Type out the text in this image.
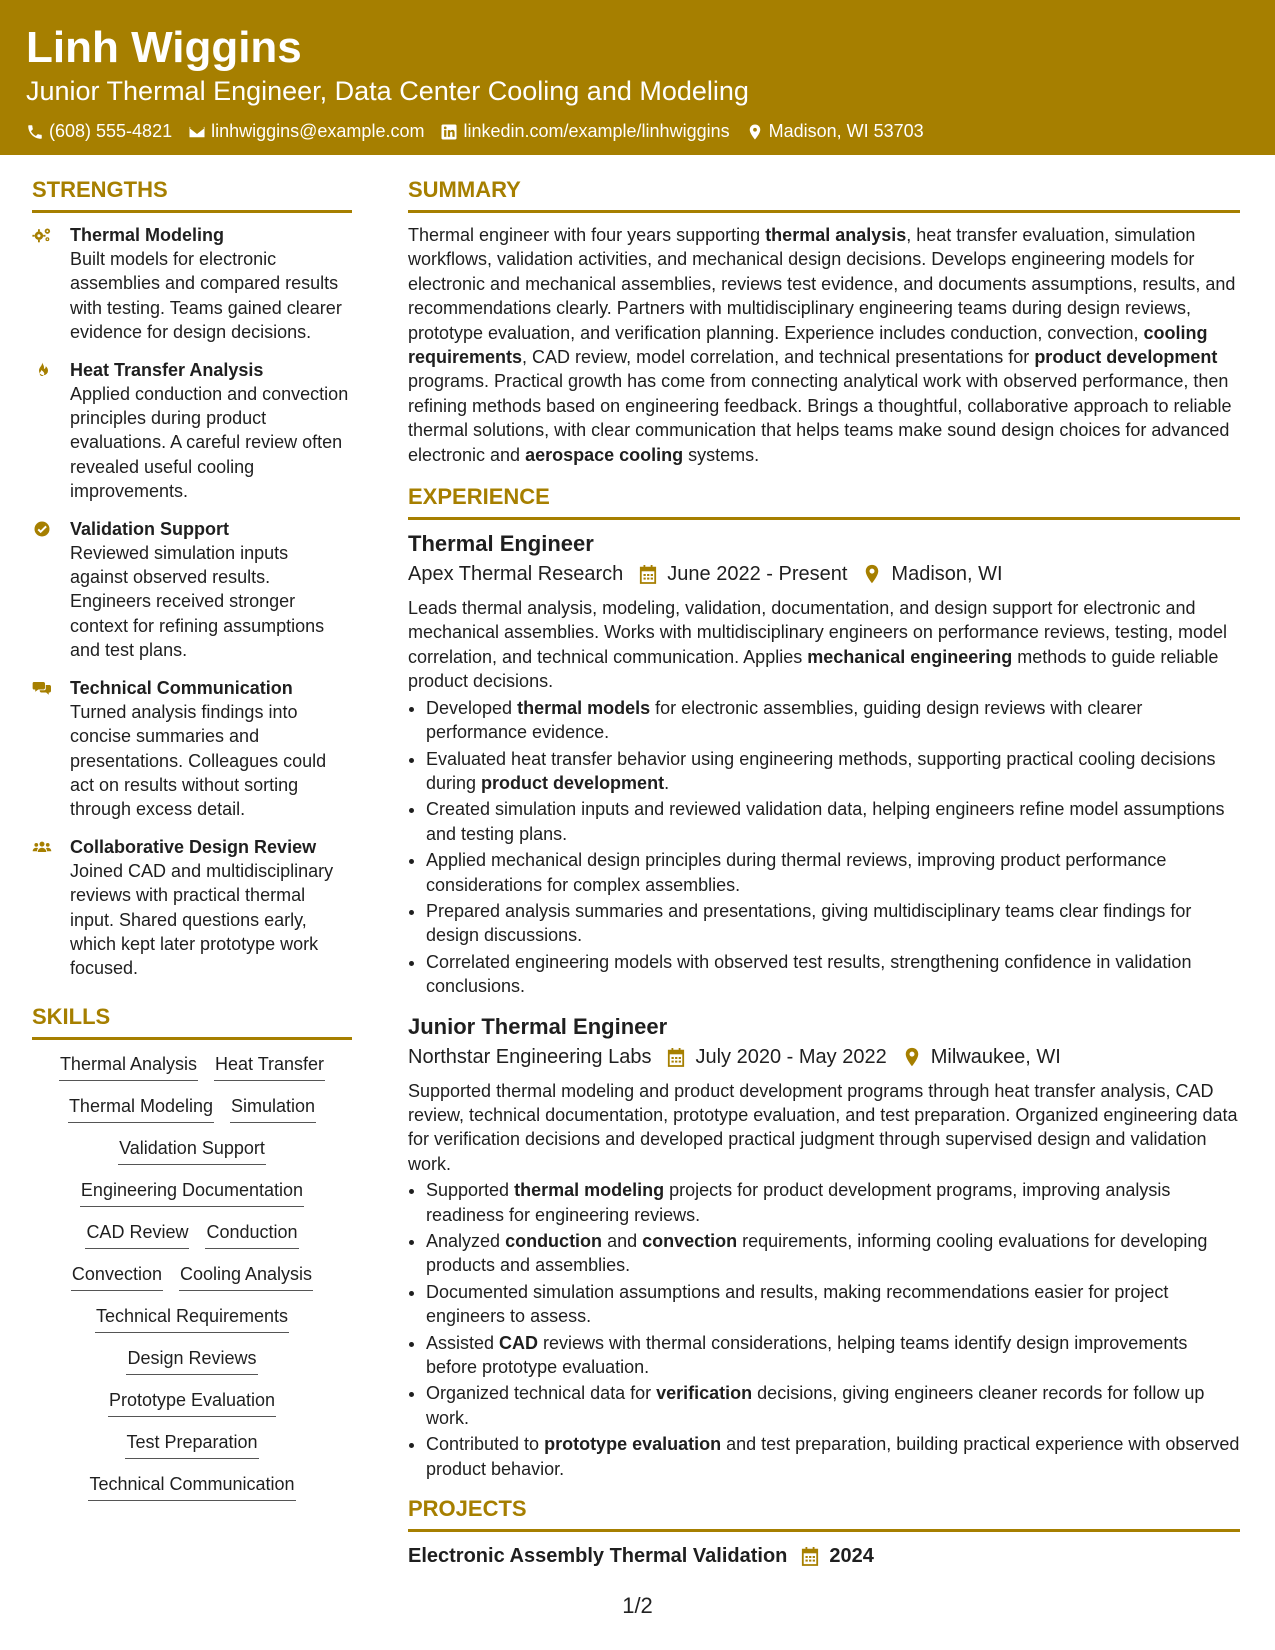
Linh Wiggins
Junior Thermal Engineer, Data Center Cooling and Modeling
(608) 555-4821 linhwiggins@example.com linkedin.com/example/linhwiggins Madison, WI 53703
STRENGTHS
Thermal Modeling
Built models for electronic assemblies and compared results with testing. Teams gained clearer evidence for design decisions.
Heat Transfer Analysis
Applied conduction and convection principles during product evaluations. A careful review often revealed useful cooling improvements.
Validation Support
Reviewed simulation inputs against observed results. Engineers received stronger context for refining assumptions and test plans.
Technical Communication
Turned analysis findings into concise summaries and presentations. Colleagues could act on results without sorting through excess detail.
Collaborative Design Review
Joined CAD and multidisciplinary reviews with practical thermal input. Shared questions early, which kept later prototype work focused.
SKILLS
Thermal Analysis Heat Transfer
Thermal Modeling Simulation
Validation Support
Engineering Documentation
CAD Review Conduction
Convection Cooling Analysis
Technical Requirements
Design Reviews
Prototype Evaluation
Test Preparation
Technical Communication
SUMMARY

Thermal engineer with four years supporting thermal analysis, heat transfer evaluation, simulation workflows, validation activities, and mechanical design decisions. Develops engineering models for electronic and mechanical assemblies, reviews test evidence, and documents assumptions, results, and recommendations clearly. Partners with multidisciplinary engineering teams during design reviews, prototype evaluation, and verification planning. Experience includes conduction, convection, cooling requirements, CAD review, model correlation, and technical presentations for product development programs. Practical growth has come from connecting analytical work with observed performance, then refining methods based on engineering feedback. Brings a thoughtful, collaborative approach to reliable thermal solutions, with clear communication that helps teams make sound design choices for advanced electronic and aerospace cooling systems.

EXPERIENCE
Thermal Engineer
Apex Thermal Research June 2022 - Present Madison, WI

Leads thermal analysis, modeling, validation, documentation, and design support for electronic and mechanical assemblies. Works with multidisciplinary engineers on performance reviews, testing, model correlation, and technical communication. Applies mechanical engineering methods to guide reliable product decisions.

• Developed thermal models for electronic assemblies, guiding design reviews with clearer performance evidence.
• Evaluated heat transfer behavior using engineering methods, supporting practical cooling decisions during product development.
• Created simulation inputs and reviewed validation data, helping engineers refine model assumptions and testing plans.
• Applied mechanical design principles during thermal reviews, improving product performance considerations for complex assemblies.
• Prepared analysis summaries and presentations, giving multidisciplinary teams clear findings for design discussions.
• Correlated engineering models with observed test results, strengthening confidence in validation conclusions.
Junior Thermal Engineer
Northstar Engineering Labs July 2020 - May 2022 Milwaukee, WI

Supported thermal modeling and product development programs through heat transfer analysis, CAD review, technical documentation, prototype evaluation, and test preparation. Organized engineering data for verification decisions and developed practical judgment through supervised design and validation work.

• Supported thermal modeling projects for product development programs, improving analysis readiness for engineering reviews.
• Analyzed conduction and convection requirements, informing cooling evaluations for developing products and assemblies.
• Documented simulation assumptions and results, making recommendations easier for project engineers to assess.
• Assisted CAD reviews with thermal considerations, helping teams identify design improvements before prototype evaluation.
• Organized technical data for verification decisions, giving engineers cleaner records for follow up work.
• Contributed to prototype evaluation and test preparation, building practical experience with observed product behavior.
PROJECTS
Electronic Assembly Thermal Validation 2024
1/2
